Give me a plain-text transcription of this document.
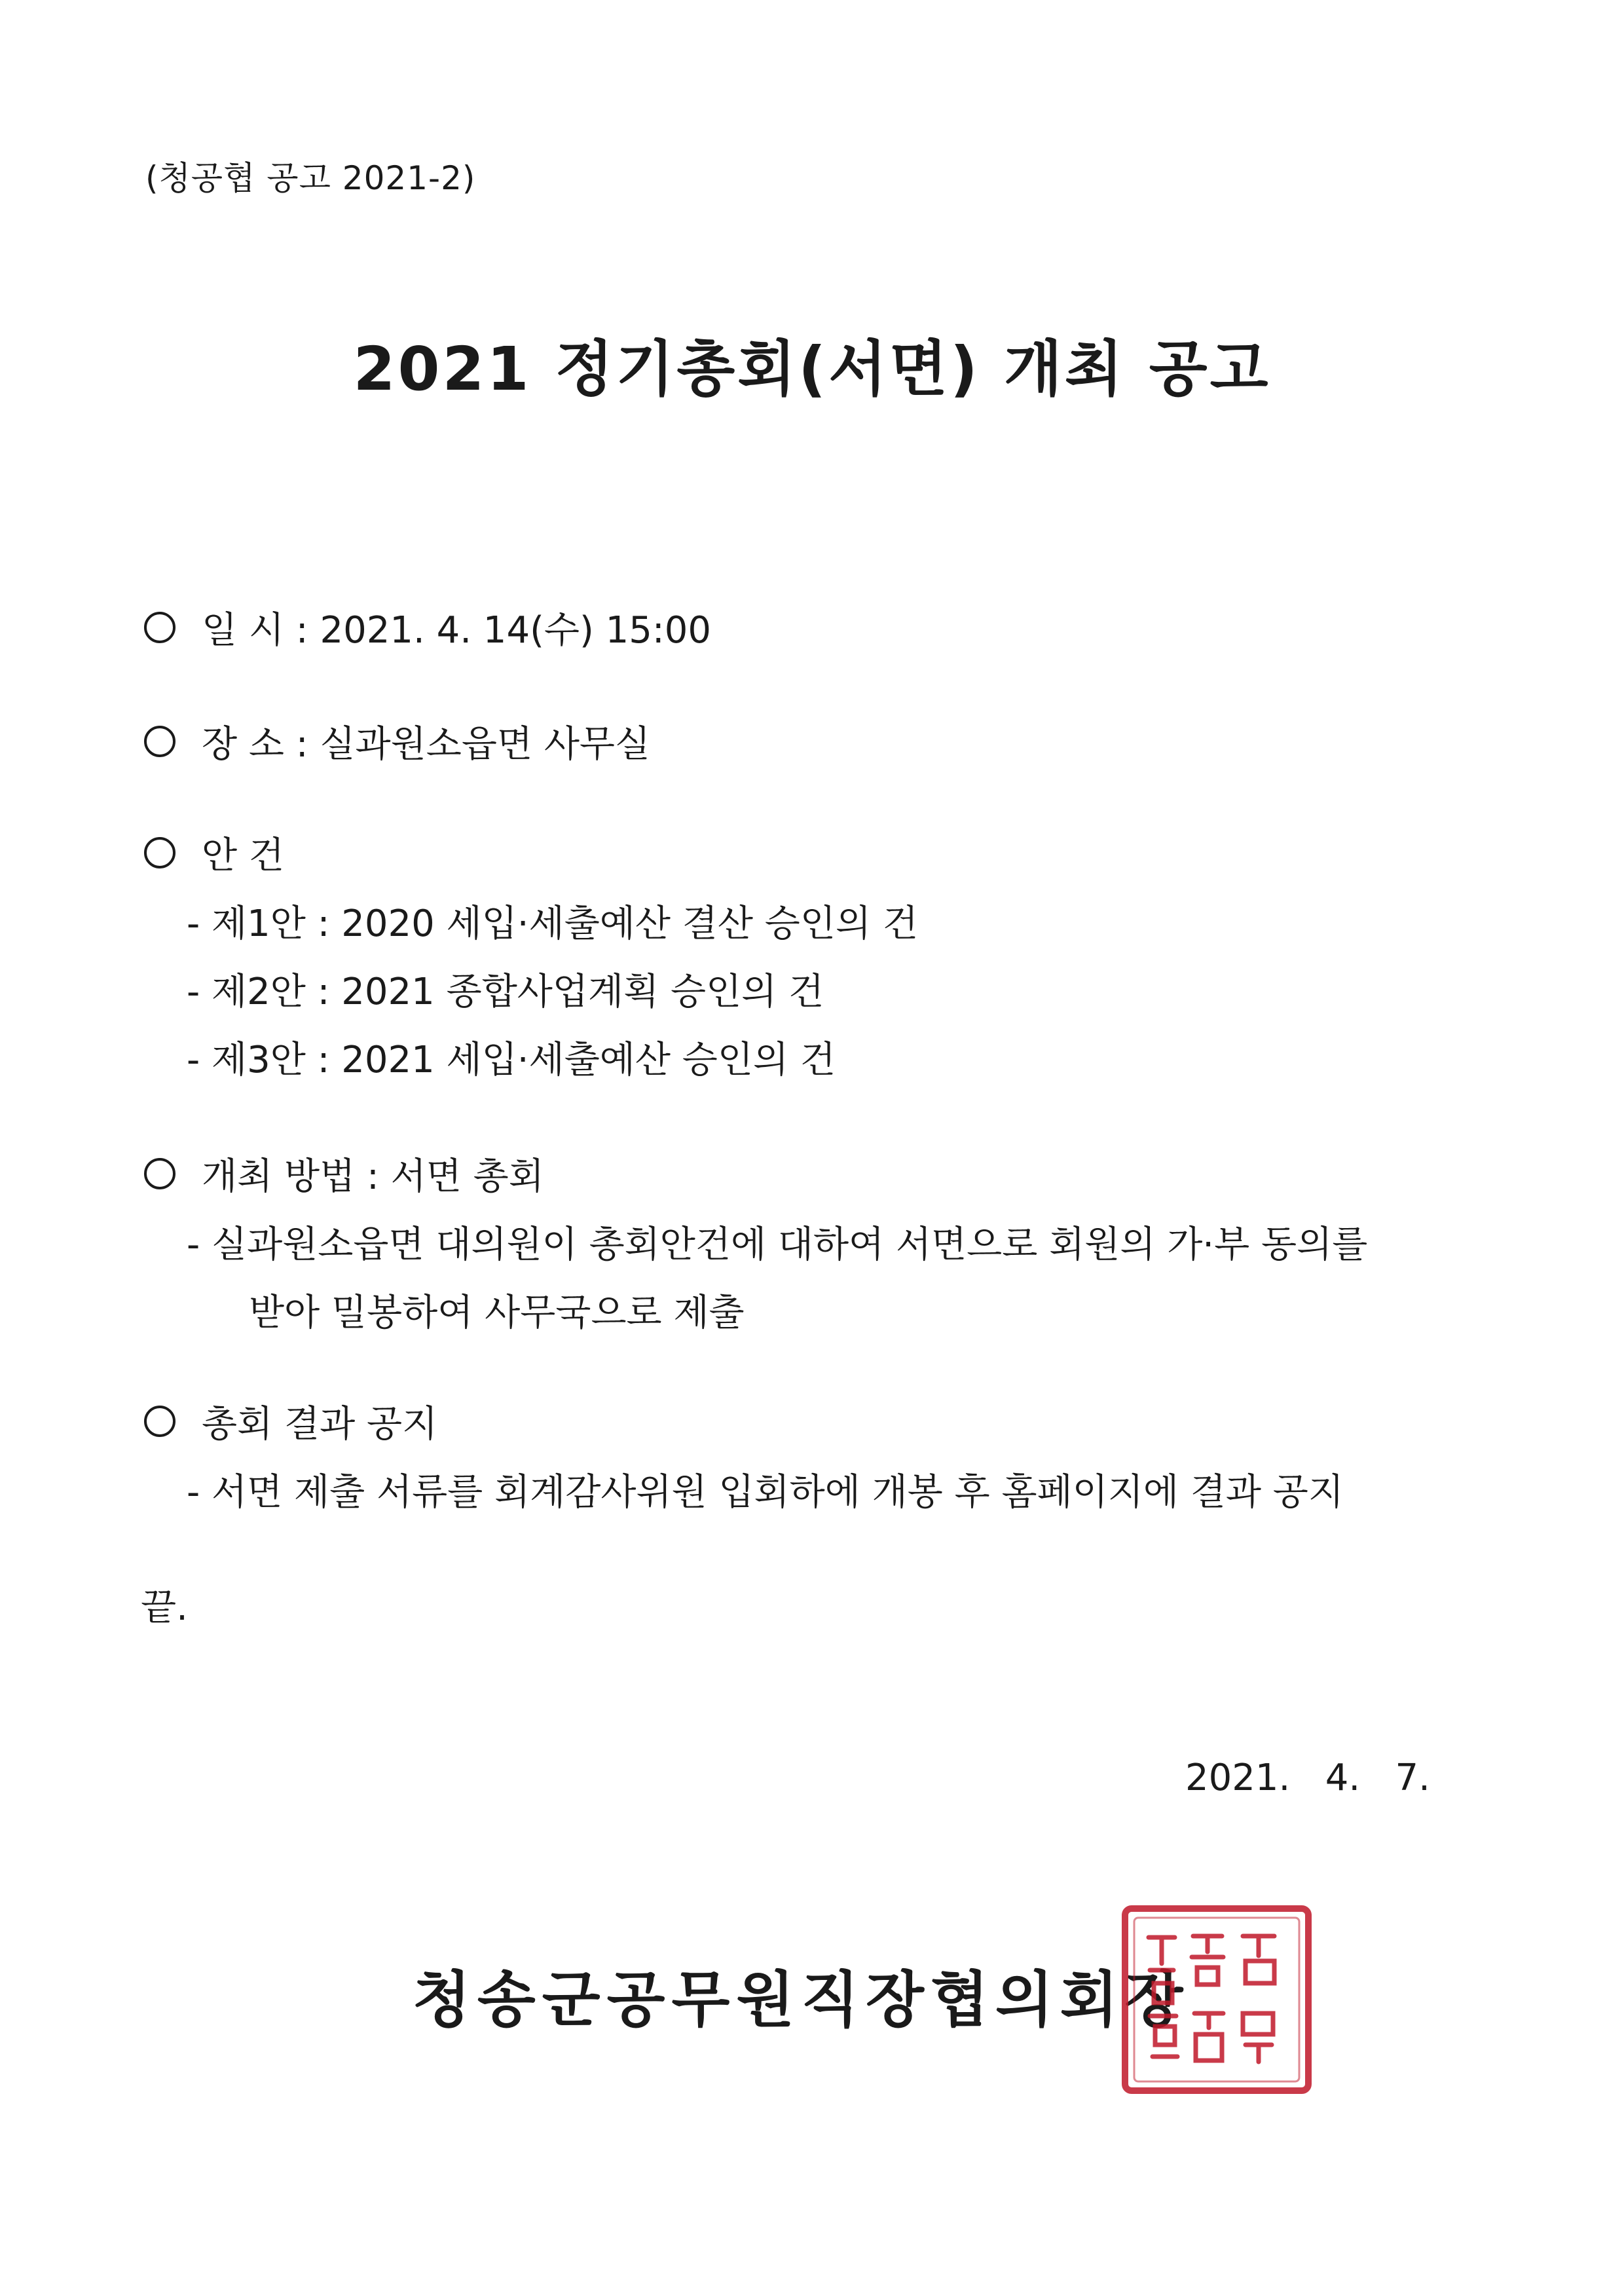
(청공협 공고 2021-2)
2021 정기총회(서면) 개최 공고
일 시 : 2021. 4. 14(수) 15:00
장 소 : 실과원소읍면 사무실
안 건
- 제1안 : 2020 세입·세출예산 결산 승인의 건
- 제2안 : 2021 종합사업계획 승인의 건
- 제3안 : 2021 세입·세출예산 승인의 건
개최 방법 : 서면 총회
- 실과원소읍면 대의원이 총회안건에 대하여 서면으로 회원의 가·부 동의를
받아 밀봉하여 사무국으로 제출
총회 결과 공지
- 서면 제출 서류를 회계감사위원 입회하에 개봉 후 홈페이지에 결과 공지
끝.
2021.   4.   7.
청송군공무원직장협의회장
